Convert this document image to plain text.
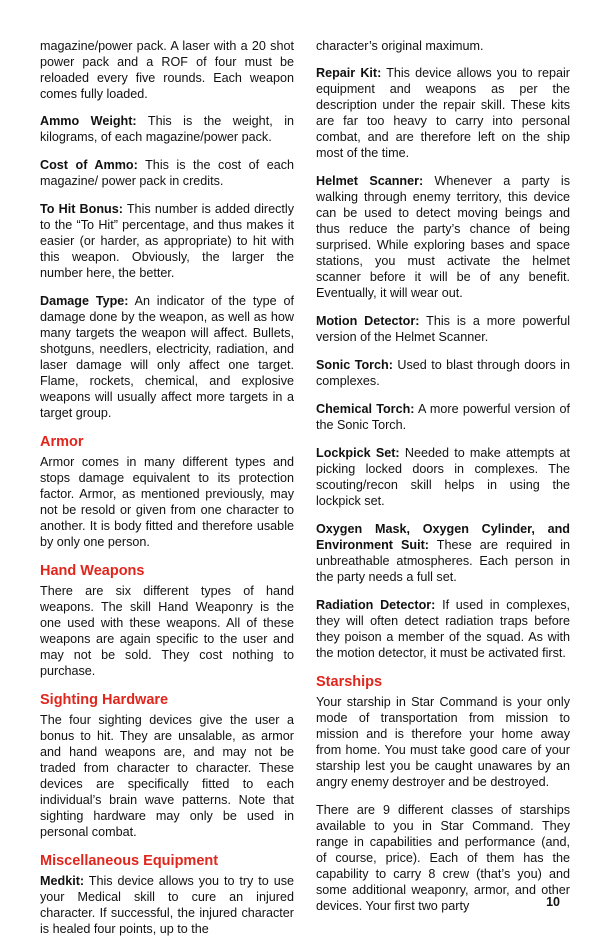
magazine/power pack. A laser with a 20 shot power pack and a ROF of four must be reloaded every five rounds. Each weapon comes fully loaded.

Ammo Weight: This is the weight, in kilograms, of each magazine/power pack.

Cost of Ammo: This is the cost of each magazine/ power pack in credits.

To Hit Bonus: This number is added directly to the “To Hit” percentage, and thus makes it easier (or harder, as appropriate) to hit with this weapon. Obviously, the larger the number here, the better.

Damage Type: An indicator of the type of damage done by the weapon, as well as how many targets the weapon will affect. Bullets, shotguns, needlers, electricity, radiation, and laser damage will only affect one target. Flame, rockets, chemical, and explosive weapons will usually affect more targets in a target group.

Armor

Armor comes in many different types and stops damage equivalent to its protection factor. Armor, as mentioned previously, may not be resold or given from one character to another. It is body fitted and therefore usable by only one person.

Hand Weapons

There are six different types of hand weapons. The skill Hand Weaponry is the one used with these weapons. All of these weapons are again specific to the user and may not be sold. They cost nothing to purchase.

Sighting Hardware

The four sighting devices give the user a bonus to hit. They are unsalable, as armor and hand weapons are, and may not be traded from character to character. These devices are specifically fitted to each individual’s brain wave patterns. Note that sighting hardware may only be used in personal combat.

Miscellaneous Equipment

Medkit: This device allows you to try to use your Medical skill to cure an injured character. If successful, the injured character is healed four points, up to the

character’s original maximum.

Repair Kit: This device allows you to repair equipment and weapons as per the description under the repair skill. These kits are far too heavy to carry into personal combat, and are therefore left on the ship most of the time.

Helmet Scanner: Whenever a party is walking through enemy territory, this device can be used to detect moving beings and thus reduce the party’s chance of being surprised. While exploring bases and space stations, you must activate the helmet scanner before it will be of any benefit. Eventually, it will wear out.

Motion Detector: This is a more powerful version of the Helmet Scanner.

Sonic Torch: Used to blast through doors in complexes.

Chemical Torch: A more powerful version of the Sonic Torch.

Lockpick Set: Needed to make attempts at picking locked doors in complexes. The scouting/recon skill helps in using the lockpick set.

Oxygen Mask, Oxygen Cylinder, and Environment Suit: These are required in unbreathable atmospheres. Each person in the party needs a full set.

Radiation Detector: If used in complexes, they will often detect radiation traps before they poison a member of the squad. As with the motion detector, it must be activated first.

Starships

Your starship in Star Command is your only mode of transportation from mission to mission and is therefore your home away from home. You must take good care of your starship lest you be caught unawares by an angry enemy destroyer and be destroyed.

There are 9 different classes of starships available to you in Star Command. They range in capabilities and performance (and, of course, price). Each of them has the capability to carry 8 crew (that’s you) and some additional weaponry, armor, and other devices. Your first two party	10
